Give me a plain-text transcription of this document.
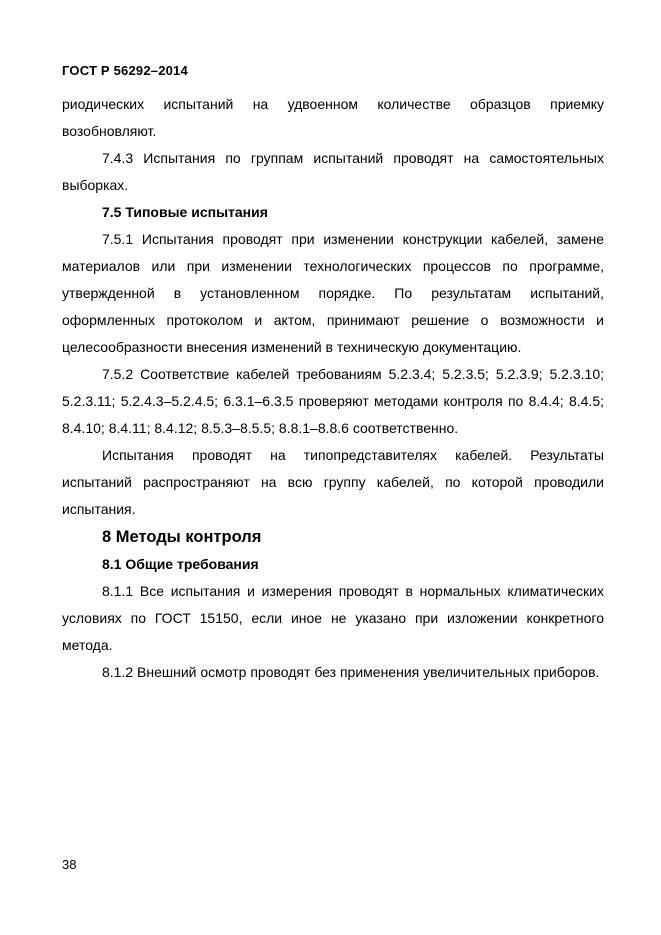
ГОСТ Р 56292–2014

риодических испытаний на удвоенном количестве образцов приемку возобновляют.

7.4.3 Испытания по группам испытаний проводят на самостоятельных выборках.

7.5 Типовые испытания

7.5.1 Испытания проводят при изменении конструкции кабелей, замене материалов или при изменении технологических процессов по программе, утвержденной в установленном порядке. По результатам испытаний, оформленных протоколом и актом, принимают решение о возможности и целесообразности внесения изменений в техническую документацию.

7.5.2 Соответствие кабелей требованиям 5.2.3.4; 5.2.3.5; 5.2.3.9; 5.2.3.10; 5.2.3.11; 5.2.4.3–5.2.4.5; 6.3.1–6.3.5 проверяют методами контроля по 8.4.4; 8.4.5; 8.4.10; 8.4.11; 8.4.12; 8.5.3–8.5.5; 8.8.1–8.8.6 соответственно.

Испытания проводят на типопредставителях кабелей. Результаты испытаний распространяют на всю группу кабелей, по которой проводили испытания.

8 Методы контроля
8.1 Общие требования

8.1.1 Все испытания и измерения проводят в нормальных климатических условиях по ГОСТ 15150, если иное не указано при изложении конкретного метода.

8.1.2 Внешний осмотр проводят без применения увеличительных приборов.

38
